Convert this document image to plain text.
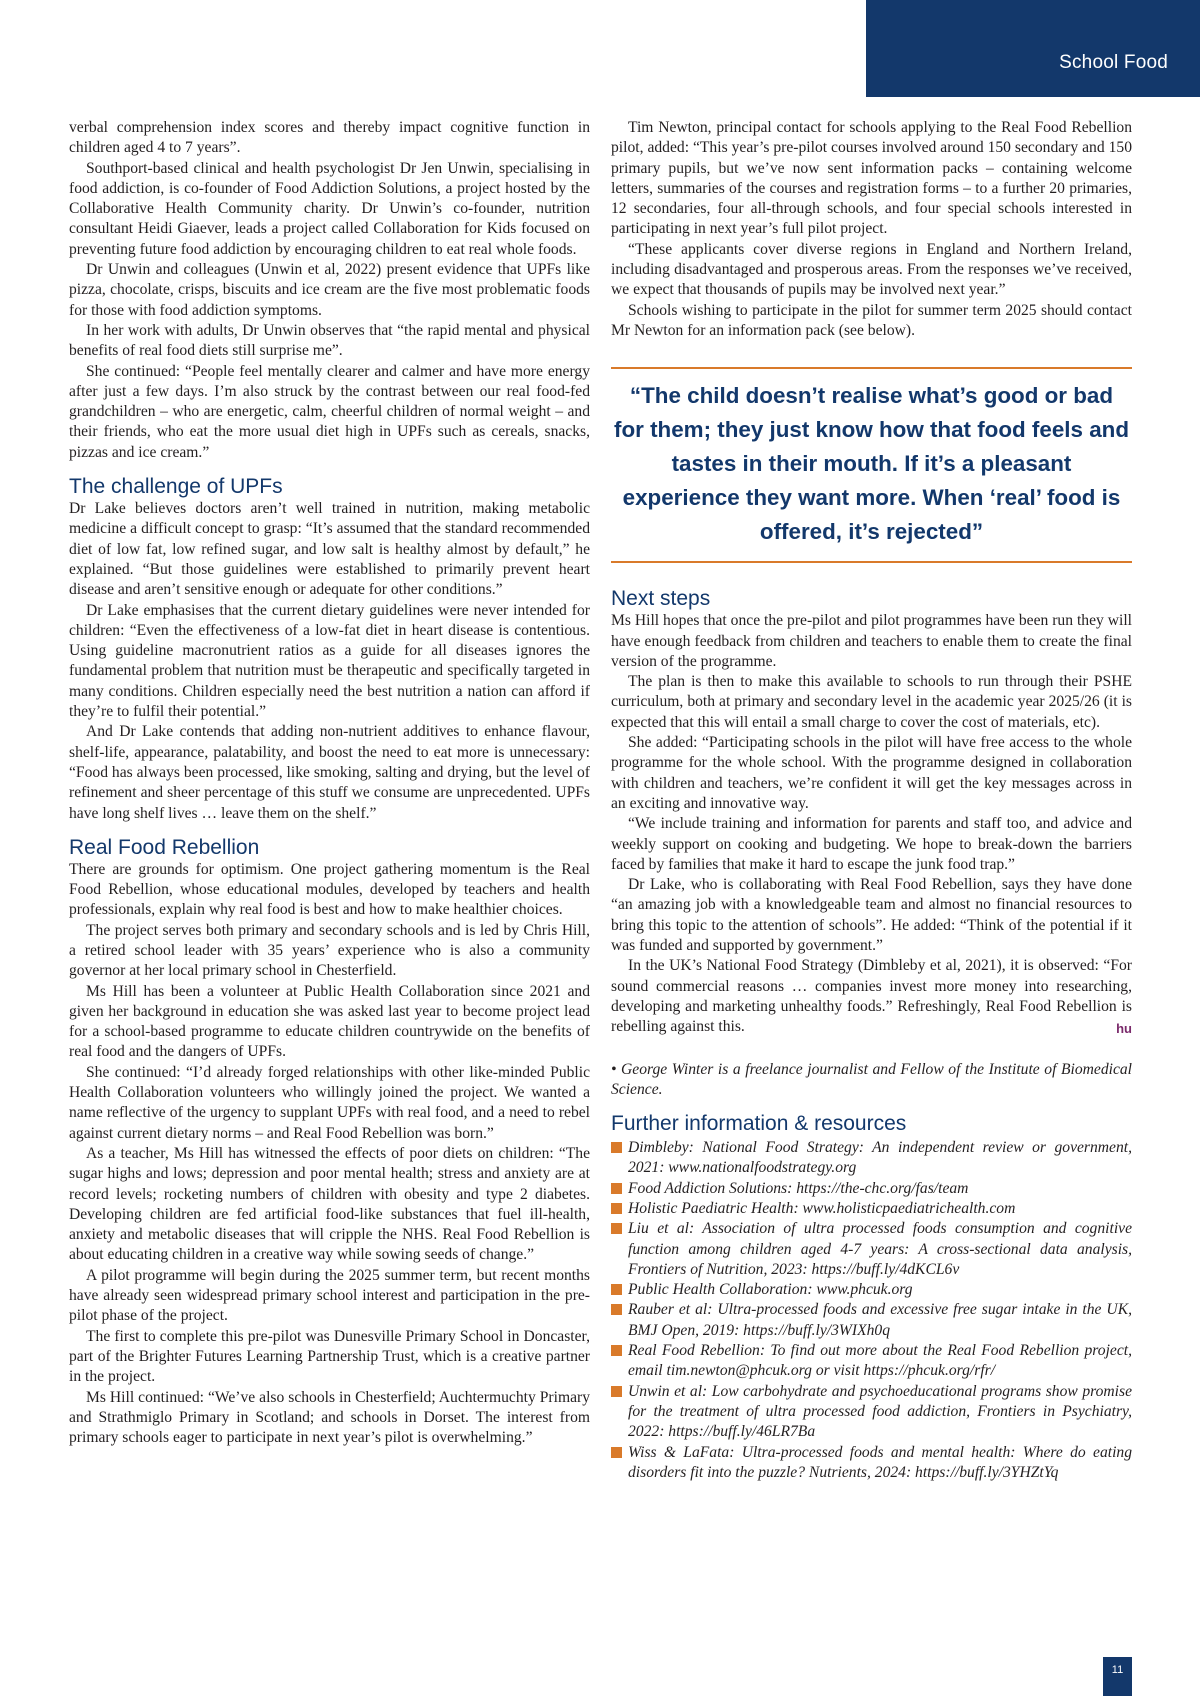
School Food

verbal comprehension index scores and thereby impact cognitive function in children aged 4 to 7 years”.

Southport-based clinical and health psychologist Dr Jen Unwin, specialising in food addiction, is co-founder of Food Addiction Solutions, a project hosted by the Collaborative Health Community charity. Dr Unwin’s co-founder, nutrition consultant Heidi Giaever, leads a project called Collaboration for Kids focused on preventing future food addiction by encouraging children to eat real whole foods.

Dr Unwin and colleagues (Unwin et al, 2022) present evidence that UPFs like pizza, chocolate, crisps, biscuits and ice cream are the five most problematic foods for those with food addiction symptoms.

In her work with adults, Dr Unwin observes that “the rapid mental and physical benefits of real food diets still surprise me”.

She continued: “People feel mentally clearer and calmer and have more energy after just a few days. I’m also struck by the contrast between our real food-fed grandchildren – who are energetic, calm, cheerful children of normal weight – and their friends, who eat the more usual diet high in UPFs such as cereals, snacks, pizzas and ice cream.”

The challenge of UPFs

Dr Lake believes doctors aren’t well trained in nutrition, making metabolic medicine a difficult concept to grasp: “It’s assumed that the standard recommended diet of low fat, low refined sugar, and low salt is healthy almost by default,” he explained. “But those guidelines were established to primarily prevent heart disease and aren’t sensitive enough or adequate for other conditions.”

Dr Lake emphasises that the current dietary guidelines were never intended for children: “Even the effectiveness of a low-fat diet in heart disease is contentious. Using guideline macronutrient ratios as a guide for all diseases ignores the fundamental problem that nutrition must be therapeutic and specifically targeted in many conditions. Children especially need the best nutrition a nation can afford if they’re to fulfil their potential.”

And Dr Lake contends that adding non-nutrient additives to enhance flavour, shelf-life, appearance, palatability, and boost the need to eat more is unnecessary: “Food has always been processed, like smoking, salting and drying, but the level of refinement and sheer percentage of this stuff we consume are unprecedented. UPFs have long shelf lives … leave them on the shelf.”

Real Food Rebellion

There are grounds for optimism. One project gathering momentum is the Real Food Rebellion, whose educational modules, developed by teachers and health professionals, explain why real food is best and how to make healthier choices.

The project serves both primary and secondary schools and is led by Chris Hill, a retired school leader with 35 years’ experience who is also a community governor at her local primary school in Chesterfield.

Ms Hill has been a volunteer at Public Health Collaboration since 2021 and given her background in education she was asked last year to become project lead for a school-based programme to educate children countrywide on the benefits of real food and the dangers of UPFs.

She continued: “I’d already forged relationships with other like-minded Public Health Collaboration volunteers who willingly joined the project. We wanted a name reflective of the urgency to supplant UPFs with real food, and a need to rebel against current dietary norms – and Real Food Rebellion was born.”

As a teacher, Ms Hill has witnessed the effects of poor diets on children: “The sugar highs and lows; depression and poor mental health; stress and anxiety are at record levels; rocketing numbers of children with obesity and type 2 diabetes. Developing children are fed artificial food-like substances that fuel ill-health, anxiety and metabolic diseases that will cripple the NHS. Real Food Rebellion is about educating children in a creative way while sowing seeds of change.”

A pilot programme will begin during the 2025 summer term, but recent months have already seen widespread primary school interest and participation in the pre-pilot phase of the project.

The first to complete this pre-pilot was Dunesville Primary School in Doncaster, part of the Brighter Futures Learning Partnership Trust, which is a creative partner in the project.

Ms Hill continued: “We’ve also schools in Chesterfield; Auchtermuchty Primary and Strathmiglo Primary in Scotland; and schools in Dorset. The interest from primary schools eager to participate in next year’s pilot is overwhelming.”

Tim Newton, principal contact for schools applying to the Real Food Rebellion pilot, added: “This year’s pre-pilot courses involved around 150 secondary and 150 primary pupils, but we’ve now sent information packs – containing welcome letters, summaries of the courses and registration forms – to a further 20 primaries, 12 secondaries, four all-through schools, and four special schools interested in participating in next year’s full pilot project.

“These applicants cover diverse regions in England and Northern Ireland, including disadvantaged and prosperous areas. From the responses we’ve received, we expect that thousands of pupils may be involved next year.”

Schools wishing to participate in the pilot for summer term 2025 should contact Mr Newton for an information pack (see below).

“The child doesn’t realise what’s good or bad for them; they just know how that food feels and tastes in their mouth. If it’s a pleasant experience they want more. When ‘real’ food is offered, it’s rejected”
Next steps

Ms Hill hopes that once the pre-pilot and pilot programmes have been run they will have enough feedback from children and teachers to enable them to create the final version of the programme.

The plan is then to make this available to schools to run through their PSHE curriculum, both at primary and secondary level in the academic year 2025/26 (it is expected that this will entail a small charge to cover the cost of materials, etc).

She added: “Participating schools in the pilot will have free access to the whole programme for the whole school. With the programme designed in collaboration with children and teachers, we’re confident it will get the key messages across in an exciting and innovative way.

“We include training and information for parents and staff too, and advice and weekly support on cooking and budgeting. We hope to break-down the barriers faced by families that make it hard to escape the junk food trap.”

Dr Lake, who is collaborating with Real Food Rebellion, says they have done “an amazing job with a knowledgeable team and almost no financial resources to bring this topic to the attention of schools”. He added: “Think of the potential if it was funded and supported by government.”

In the UK’s National Food Strategy (Dimbleby et al, 2021), it is observed: “For sound commercial reasons … companies invest more money into researching, developing and marketing unhealthy foods.” Refreshingly, Real Food Rebellion is rebelling against this.	hu

• George Winter is a freelance journalist and Fellow of the Institute of Biomedical Science.

Further information & resources
Dimbleby: National Food Strategy: An independent review or government, 2021: www.nationalfoodstrategy.org
Food Addiction Solutions: https://the-chc.org/fas/team
Holistic Paediatric Health: www.holisticpaediatrichealth.com
Liu et al: Association of ultra processed foods consumption and cognitive function among children aged 4-7 years: A cross-sectional data analysis, Frontiers of Nutrition, 2023: https://buff.ly/4dKCL6v
Public Health Collaboration: www.phcuk.org
Rauber et al: Ultra-processed foods and excessive free sugar intake in the UK, BMJ Open, 2019: https://buff.ly/3WIXh0q
Real Food Rebellion: To find out more about the Real Food Rebellion project, email tim.newton@phcuk.org or visit https://phcuk.org/rfr/
Unwin et al: Low carbohydrate and psychoeducational programs show promise for the treatment of ultra processed food addiction, Frontiers in Psychiatry, 2022: https://buff.ly/46LR7Ba
Wiss & LaFata: Ultra-processed foods and mental health: Where do eating disorders fit into the puzzle? Nutrients, 2024: https://buff.ly/3YHZtYq
11
